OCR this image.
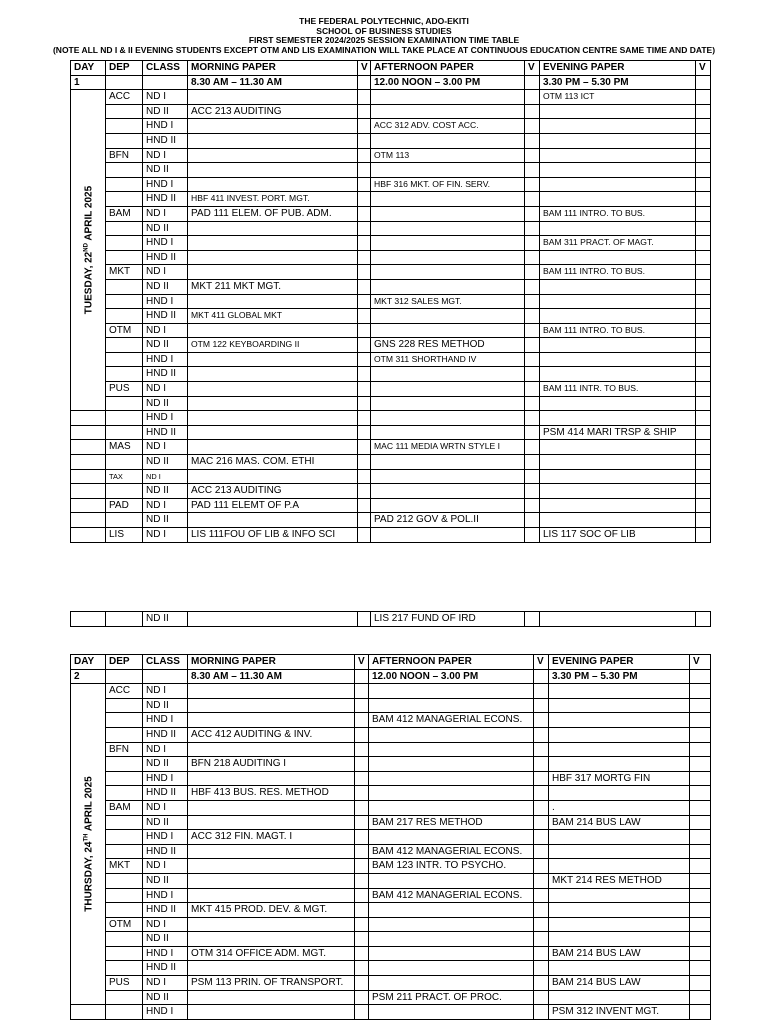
THE FEDERAL POLYTECHNIC, ADO-EKITI
SCHOOL OF BUSINESS STUDIES
FIRST SEMESTER 2024/2025 SESSION EXAMINATION TIME TABLE
(NOTE ALL ND I & II EVENING STUDENTS EXCEPT OTM AND LIS EXAMINATION WILL TAKE PLACE AT CONTINUOUS EDUCATION CENTRE SAME TIME AND DATE)
DAY	DEP	CLASS	MORNING PAPER	V	AFTERNOON PAPER	V	EVENING PAPER	V
1			8.30 AM – 11.30 AM		12.00 NOON – 3.00 PM		3.30 PM – 5.30 PM	

TUESDAY, 22ND APRIL 2025	ACC	ND I					OTM 113 ICT	
		ND II	ACC 213 AUDITING					
		HND I			ACC 312 ADV. COST ACC.			
		HND II						
	BFN	ND I			OTM 113			
		ND II						
		HND I			HBF 316 MKT. OF FIN. SERV.			
		HND II	HBF 411 INVEST. PORT. MGT.					
	BAM	ND I	PAD 111 ELEM. OF PUB. ADM.				BAM 111 INTRO. TO BUS.	
		ND II						
		HND I					BAM 311 PRACT. OF MAGT.	
		HND II						
	MKT	ND I					BAM 111 INTRO. TO BUS.	
		ND II	MKT 211 MKT MGT.					
		HND I			MKT 312 SALES MGT.			
		HND II	MKT 411 GLOBAL MKT					
	OTM	ND I					BAM 111 INTRO. TO BUS.	
		ND II	OTM 122 KEYBOARDING II		GNS 228 RES METHOD			
		HND I			OTM 311 SHORTHAND IV			
		HND II						
	PUS	ND I					BAM 111 INTR. TO BUS.	
		ND II						
		HND I						
		HND II					PSM 414 MARI TRSP & SHIP	
	MAS	ND I			MAC 111 MEDIA WRTN STYLE I			
		ND II	MAC 216 MAS. COM. ETHI					
	TAX	ND I						
		ND II	ACC 213 AUDITING					
	PAD	ND I	PAD 111 ELEMT OF P.A					
		ND II			PAD 212 GOV & POL.II			
	LIS	ND I	LIS 111FOU OF LIB & INFO SCI				LIS 117 SOC OF LIB	
		ND II			LIS 217 FUND OF IRD			
DAY	DEP	CLASS	MORNING PAPER	V	AFTERNOON PAPER	V	EVENING PAPER	V
2			8.30 AM – 11.30 AM		12.00 NOON – 3.00 PM		3.30 PM – 5.30 PM	

THURSDAY, 24TH APRIL 2025	ACC	ND I						
		ND II						
		HND I			BAM 412 MANAGERIAL ECONS.			
		HND II	ACC 412 AUDITING & INV.					
	BFN	ND I						
		ND II	BFN 218 AUDITING I					
		HND I					HBF 317 MORTG FIN	
		HND II	HBF 413 BUS. RES. METHOD					
	BAM	ND I					.	
		ND II			BAM 217 RES METHOD		BAM 214 BUS LAW	
		HND I	ACC 312 FIN. MAGT. I					
		HND II			BAM 412 MANAGERIAL ECONS.			
	MKT	ND I			BAM 123 INTR. TO PSYCHO.			
		ND II					MKT 214 RES METHOD	
		HND I			BAM 412 MANAGERIAL ECONS.			
		HND II	MKT 415 PROD. DEV. & MGT.					
	OTM	ND I						
		ND II						
		HND I	OTM 314 OFFICE ADM. MGT.				BAM 214 BUS LAW	
		HND II						
	PUS	ND I	PSM 113 PRIN. OF TRANSPORT.				BAM 214 BUS LAW	
		ND II			PSM 211 PRACT. OF PROC.			
		HND I					PSM 312 INVENT MGT.	
